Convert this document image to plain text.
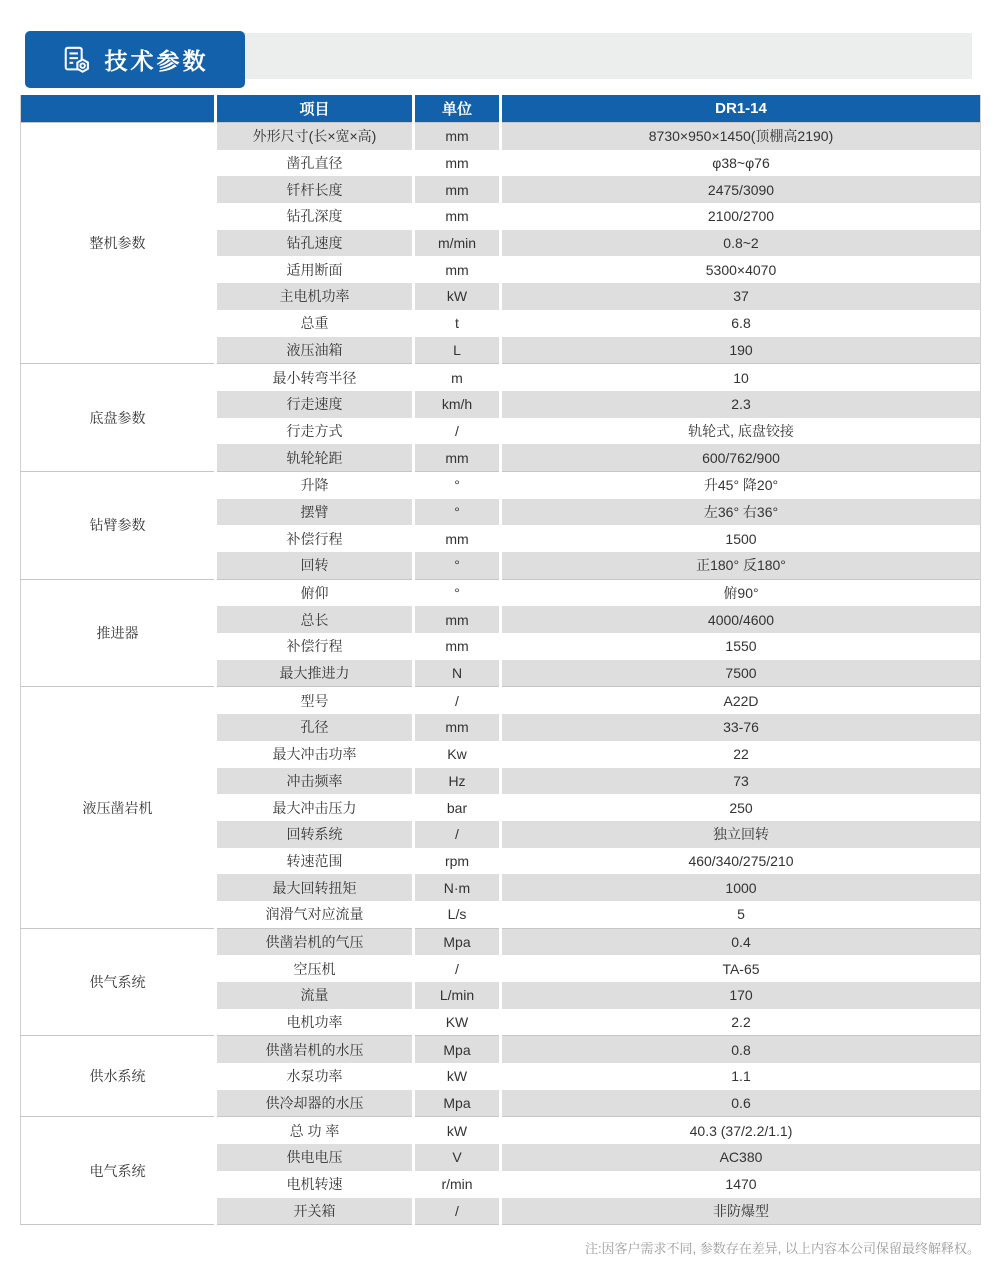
技术参数
	项目	单位	DR1-14
整机参数	外形尺寸(长×宽×高)	mm	8730×950×1450(顶棚高2190)
	凿孔直径	mm	φ38~φ76
	钎杆长度	mm	2475/3090
	钻孔深度	mm	2100/2700
	钻孔速度	m/min	0.8~2
	适用断面	mm	5300×4070
	主电机功率	kW	37
	总重	t	6.8
	液压油箱	L	190
底盘参数	最小转弯半径	m	10
	行走速度	km/h	2.3
	行走方式	/	轨轮式, 底盘铰接
	轨轮轮距	mm	600/762/900
钻臂参数	升降	°	升45° 降20°
	摆臂	°	左36° 右36°
	补偿行程	mm	1500
	回转	°	正180° 反180°
推进器	俯仰	°	俯90°
	总长	mm	4000/4600
	补偿行程	mm	1550
	最大推进力	N	7500
液压凿岩机	型号	/	A22D
	孔径	mm	33-76
	最大冲击功率	Kw	22
	冲击频率	Hz	73
	最大冲击压力	bar	250
	回转系统	/	独立回转
	转速范围	rpm	460/340/275/210
	最大回转扭矩	N·m	1000
	润滑气对应流量	L/s	5
供气系统	供凿岩机的气压	Mpa	0.4
	空压机	/	TA-65
	流量	L/min	170
	电机功率	KW	2.2
供水系统	供凿岩机的水压	Mpa	0.8
	水泵功率	kW	1.1
	供冷却器的水压	Mpa	0.6
电气系统	总 功 率	kW	40.3 (37/2.2/1.1)
	供电电压	V	AC380
	电机转速	r/min	1470
	开关箱	/	非防爆型
注:因客户需求不同, 参数存在差异, 以上内容本公司保留最终解释权。
